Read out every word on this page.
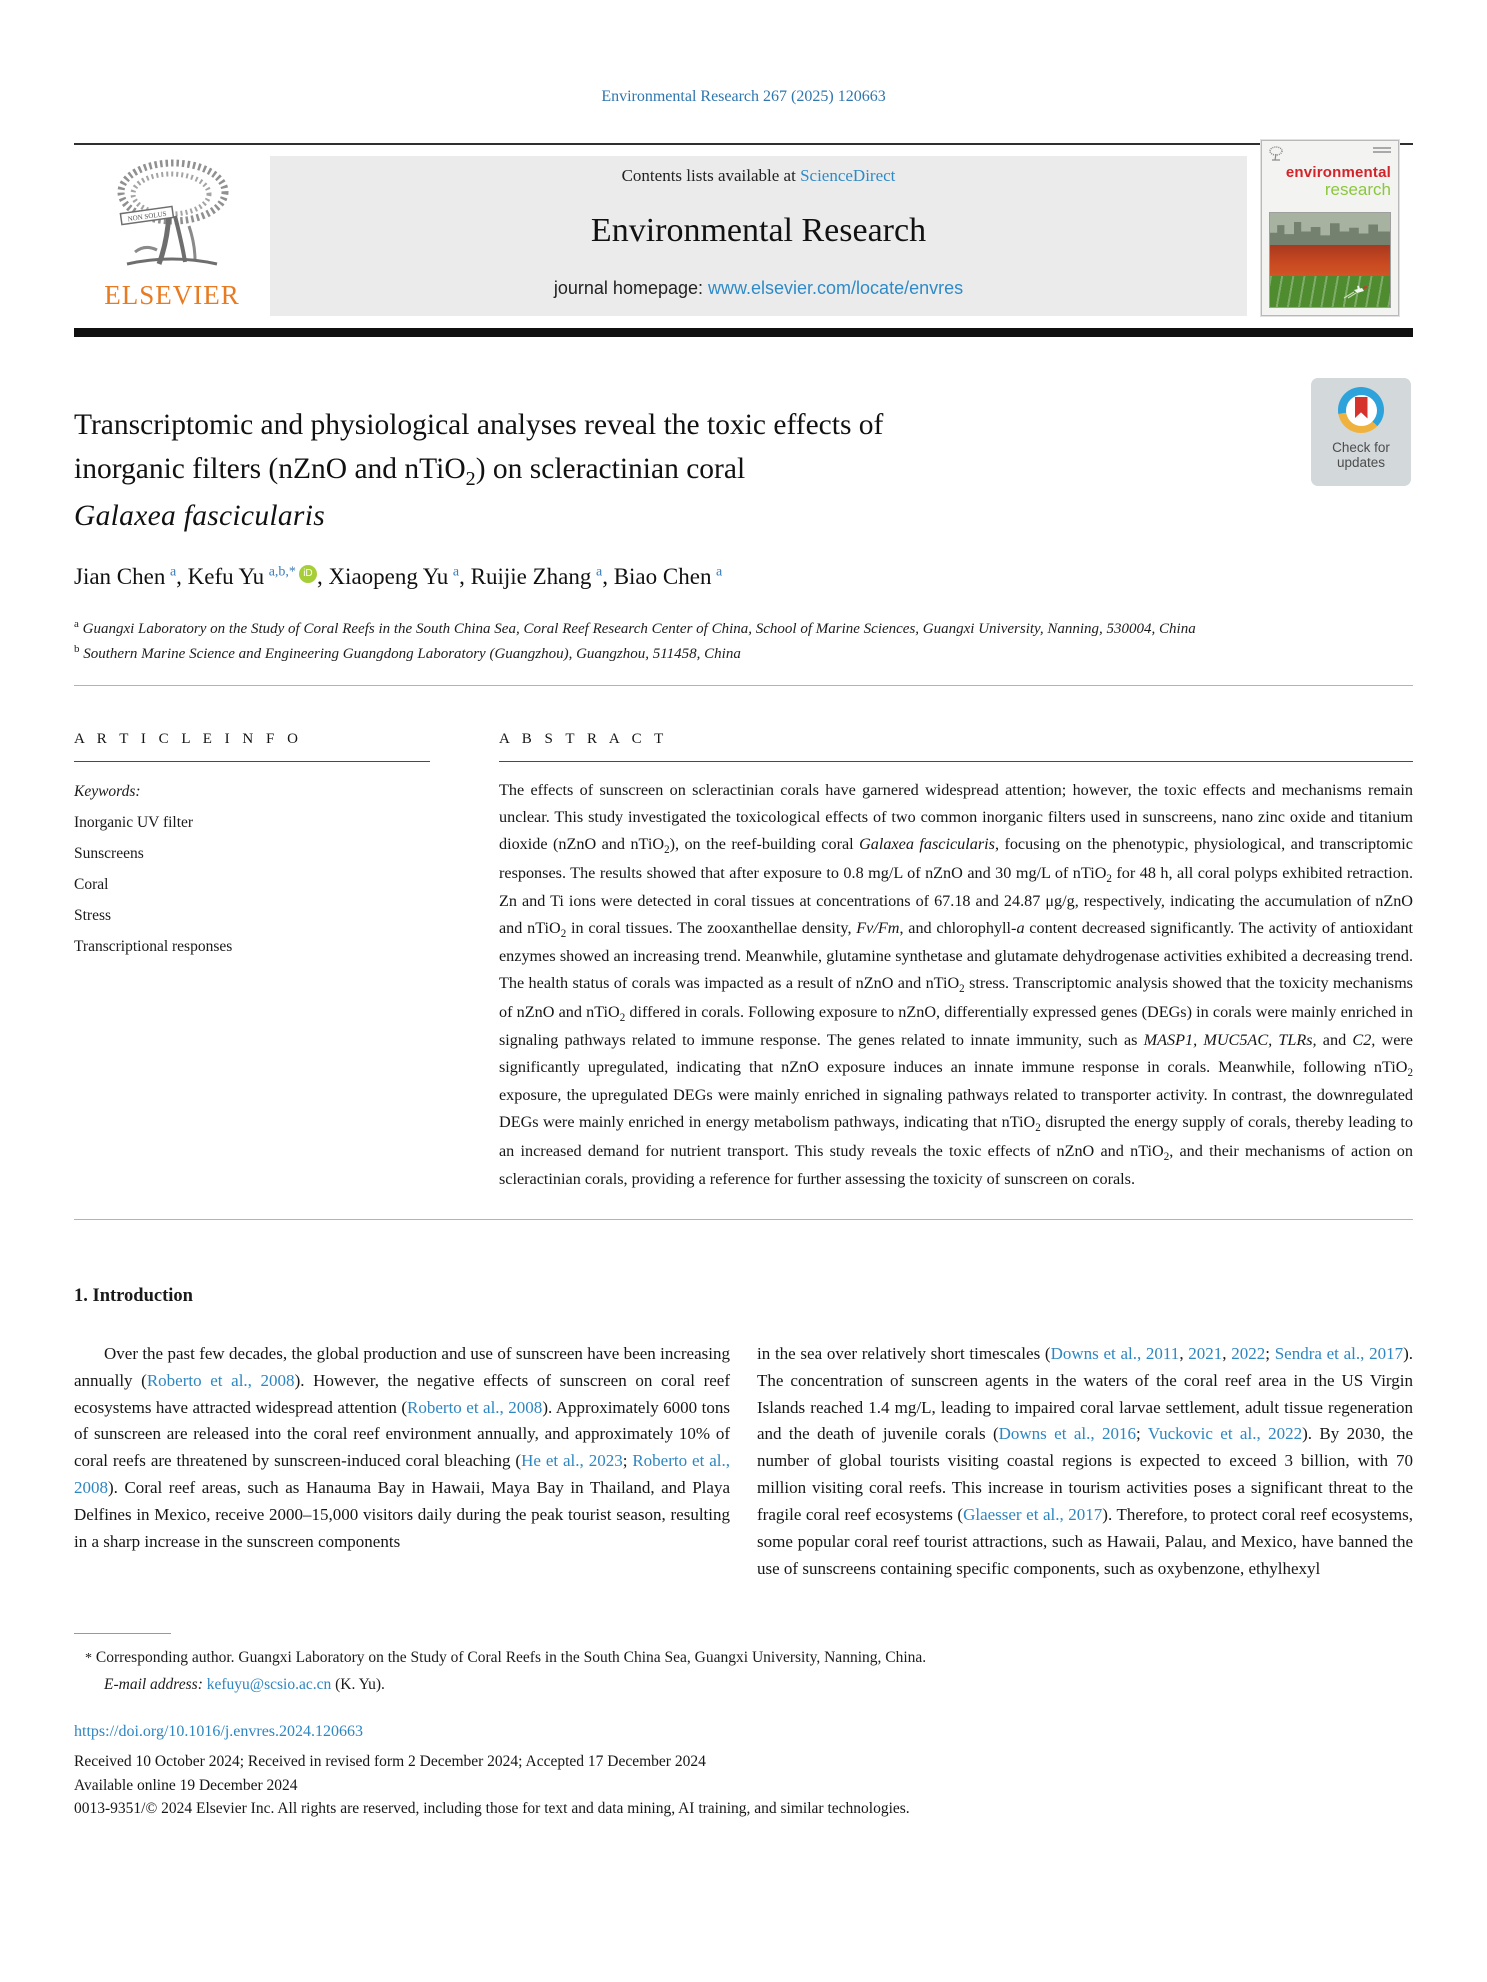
Environmental Research 267 (2025) 120663
NON SOLUS
ELSEVIER
Contents lists available at ScienceDirect
Environmental Research
journal homepage: www.elsevier.com/locate/envres
environmental
research
Check for
updates
Transcriptomic and physiological analyses reveal the toxic effects of
inorganic filters (nZnO and nTiO$_2$) on scleractinian coral
Galaxea fascicularis
Jian Chen $^a$, Kefu Yu $^{a,b,*}$ iD , Xiaopeng Yu $^a$, Ruijie Zhang $^a$, Biao Chen $^a$
$^a$ Guangxi Laboratory on the Study of Coral Reefs in the South China Sea, Coral Reef Research Center of China, School of Marine Sciences, Guangxi University, Nanning, 530004, China
$^b$ Southern Marine Science and Engineering Guangdong Laboratory (Guangzhou), Guangzhou, 511458, China
A R T I C L E I N F O
Keywords:
Inorganic UV filter
Sunscreens
Coral
Stress
Transcriptional responses
A B S T R A C T

The effects of sunscreen on scleractinian corals have garnered widespread attention; however, the toxic effects and mechanisms remain unclear. This study investigated the toxicological effects of two common inorganic filters used in sunscreens, nano zinc oxide and titanium dioxide (nZnO and nTiO$_2$), on the reef-building coral Galaxea fascicularis, focusing on the phenotypic, physiological, and transcriptomic responses. The results showed that after exposure to 0.8 mg/L of nZnO and 30 mg/L of nTiO$_2$ for 48 h, all coral polyps exhibited retraction. Zn and Ti ions were detected in coral tissues at concentrations of 67.18 and 24.87 μg/g, respectively, indicating the accumulation of nZnO and nTiO$_2$ in coral tissues. The zooxanthellae density, Fv/Fm, and chlorophyll-a content decreased significantly. The activity of antioxidant enzymes showed an increasing trend. Meanwhile, glutamine synthetase and glutamate dehydrogenase activities exhibited a decreasing trend. The health status of corals was impacted as a result of nZnO and nTiO$_2$ stress. Transcriptomic analysis showed that the toxicity mechanisms of nZnO and nTiO$_2$ differed in corals. Following exposure to nZnO, differentially expressed genes (DEGs) in corals were mainly enriched in signaling pathways related to immune response. The genes related to innate immunity, such as MASP1, MUC5AC, TLRs, and C2, were significantly upregulated, indicating that nZnO exposure induces an innate immune response in corals. Meanwhile, following nTiO$_2$ exposure, the upregulated DEGs were mainly enriched in signaling pathways related to transporter activity. In contrast, the downregulated DEGs were mainly enriched in energy metabolism pathways, indicating that nTiO$_2$ disrupted the energy supply of corals, thereby leading to an increased demand for nutrient transport. This study reveals the toxic effects of nZnO and nTiO$_2$, and their mechanisms of action on scleractinian corals, providing a reference for further assessing the toxicity of sunscreen on corals.

1. Introduction

Over the past few decades, the global production and use of sunscreen have been increasing annually (Roberto et al., 2008). However, the negative effects of sunscreen on coral reef ecosystems have attracted widespread attention (Roberto et al., 2008). Approximately 6000 tons of sunscreen are released into the coral reef environment annually, and approximately 10% of coral reefs are threatened by sunscreen-induced coral bleaching (He et al., 2023; Roberto et al., 2008). Coral reef areas, such as Hanauma Bay in Hawaii, Maya Bay in Thailand, and Playa Delfines in Mexico, receive 2000–15,000 visitors daily during the peak tourist season, resulting in a sharp increase in the sunscreen components

in the sea over relatively short timescales (Downs et al., 2011, 2021, 2022; Sendra et al., 2017). The concentration of sunscreen agents in the waters of the coral reef area in the US Virgin Islands reached 1.4 mg/L, leading to impaired coral larvae settlement, adult tissue regeneration and the death of juvenile corals (Downs et al., 2016; Vuckovic et al., 2022). By 2030, the number of global tourists visiting coastal regions is expected to exceed 3 billion, with 70 million visiting coral reefs. This increase in tourism activities poses a significant threat to the fragile coral reef ecosystems (Glaesser et al., 2017). Therefore, to protect coral reef ecosystems, some popular coral reef tourist attractions, such as Hawaii, Palau, and Mexico, have banned the use of sunscreens containing specific components, such as oxybenzone, ethylhexyl

* Corresponding author. Guangxi Laboratory on the Study of Coral Reefs in the South China Sea, Guangxi University, Nanning, China.
E-mail address: kefuyu@scsio.ac.cn (K. Yu).
https://doi.org/10.1016/j.envres.2024.120663
Received 10 October 2024; Received in revised form 2 December 2024; Accepted 17 December 2024
Available online 19 December 2024
0013-9351/© 2024 Elsevier Inc. All rights are reserved, including those for text and data mining, AI training, and similar technologies.
